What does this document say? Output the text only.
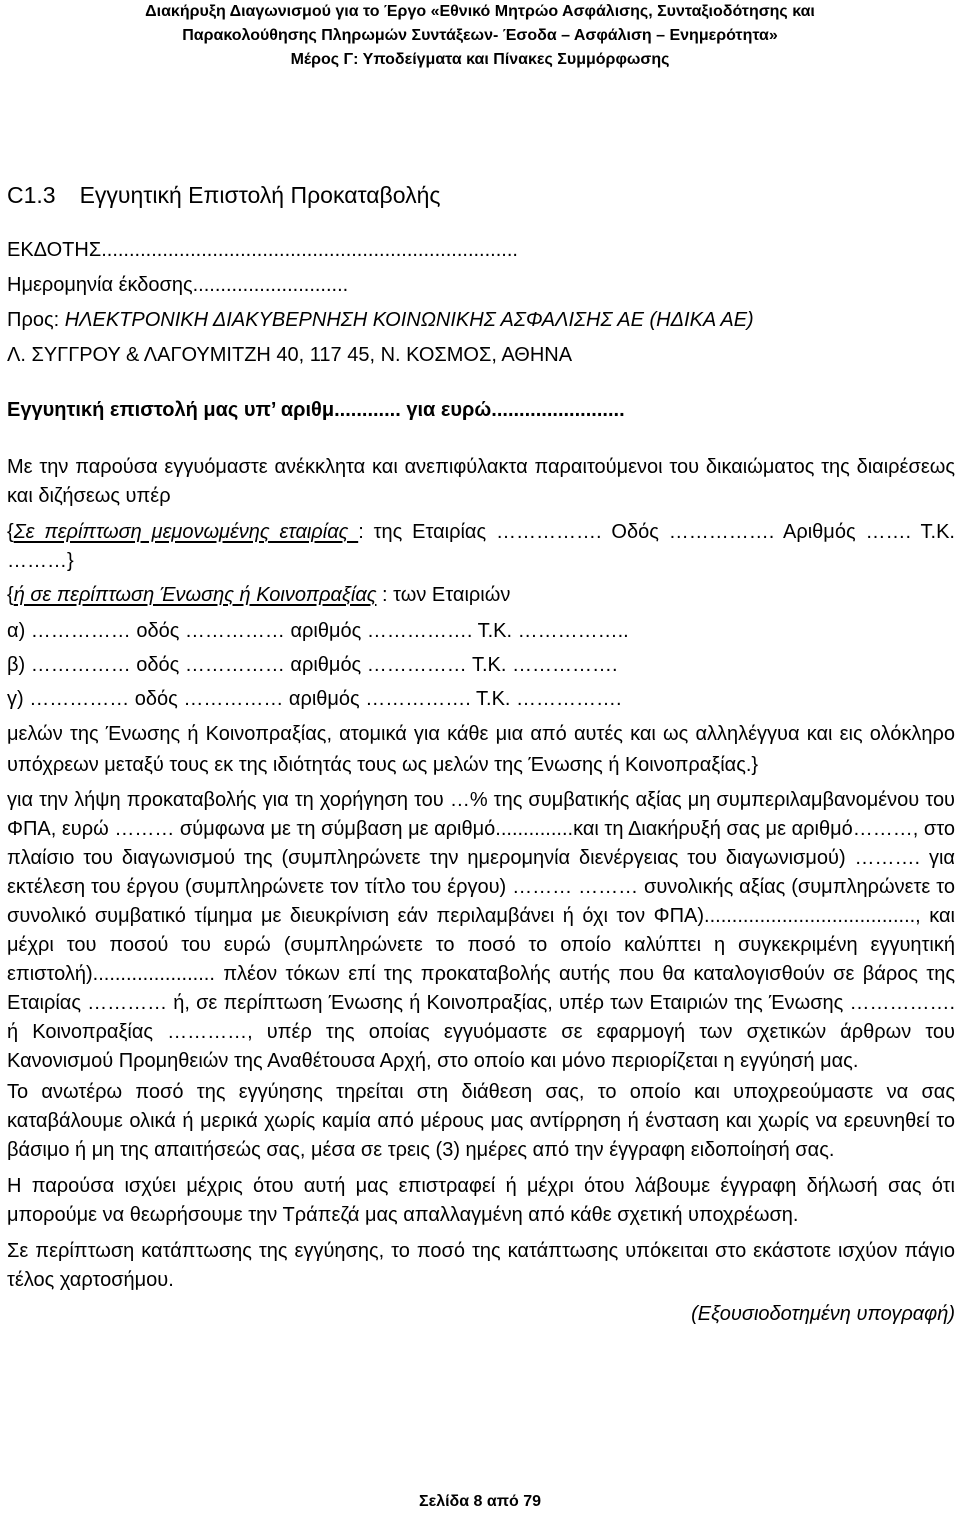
Διακήρυξη Διαγωνισμού για το Έργο «Εθνικό Μητρώο Ασφάλισης, Συνταξιοδότησης και
Παρακολούθησης Πληρωμών Συντάξεων- Έσοδα – Ασφάλιση – Ενημερότητα»
Μέρος Γ: Υποδείγματα και Πίνακες Συμμόρφωσης
C1.3 Εγγυητική Επιστολή Προκαταβολής
ΕΚΔΟΤΗΣ...........................................................................
Ημερομηνία έκδοσης............................
Προς: ΗΛΕΚΤΡΟΝΙΚΗ ΔΙΑΚΥΒΕΡΝΗΣΗ ΚΟΙΝΩΝΙΚΗΣ ΑΣΦΑΛΙΣΗΣ ΑΕ (ΗΔΙΚΑ ΑΕ)
Λ. ΣΥΓΓΡΟΥ & ΛΑΓΟΥΜΙΤΖΗ 40, 117 45, Ν. ΚΟΣΜΟΣ, ΑΘΗΝΑ
Εγγυητική επιστολή μας υπ’ αριθμ............ για ευρώ........................

Με την παρούσα εγγυόμαστε ανέκκλητα και ανεπιφύλακτα παραιτούμενοι του δικαιώματος της διαιρέσεως και διζήσεως υπέρ

{Σε περίπτωση μεμονωμένης εταιρίας : της Εταιρίας ……………. Οδός ……………. Αριθμός ……. Τ.Κ. ………}

{ή σε περίπτωση Ένωσης ή Κοινοπραξίας : των Εταιριών

α) …………… οδός …………… αριθμός ……………. Τ.Κ. ……………..
β) …………… οδός …………… αριθμός …………… Τ.Κ. …………….
γ) …………… οδός …………… αριθμός ……………. Τ.Κ. …………….

μελών της Ένωσης ή Κοινοπραξίας, ατομικά για κάθε μια από αυτές και ως αλληλέγγυα και εις ολόκληρο υπόχρεων μεταξύ τους εκ της ιδιότητάς τους ως μελών της Ένωσης ή Κοινοπραξίας.}

για την λήψη προκαταβολής για τη χορήγηση του …% της συμβατικής αξίας μη συμπεριλαμβανομένου του ΦΠΑ, ευρώ ……… σύμφωνα με τη σύμβαση με αριθμό..............και τη Διακήρυξή σας με αριθμό………, στο πλαίσιο του διαγωνισμού της (συμπληρώνετε την ημερομηνία διενέργειας του διαγωνισμού) ………. για εκτέλεση του έργου (συμπληρώνετε τον τίτλο του έργου) ……… ……… συνολικής αξίας (συμπληρώνετε το συνολικό συμβατικό τίμημα με διευκρίνιση εάν περιλαμβάνει ή όχι τον ΦΠΑ)......................................, και μέχρι του ποσού του ευρώ (συμπληρώνετε το ποσό το οποίο καλύπτει η συγκεκριμένη εγγυητική επιστολή)...................... πλέον τόκων επί της προκαταβολής αυτής που θα καταλογισθούν σε βάρος της Εταιρίας ………… ή, σε περίπτωση Ένωσης ή Κοινοπραξίας, υπέρ των Εταιριών της Ένωσης ……………. ή Κοινοπραξίας …………, υπέρ της οποίας εγγυόμαστε σε εφαρμογή των σχετικών άρθρων του Κανονισμού Προμηθειών της Αναθέτουσα Αρχή, στο οποίο και μόνο περιορίζεται η εγγύησή μας.

Το ανωτέρω ποσό της εγγύησης τηρείται στη διάθεση σας, το οποίο και υποχρεούμαστε να σας καταβάλουμε ολικά ή μερικά χωρίς καμία από μέρους μας αντίρρηση ή ένσταση και χωρίς να ερευνηθεί το βάσιμο ή μη της απαιτήσεώς σας, μέσα σε τρεις (3) ημέρες από την έγγραφη ειδοποίησή σας.

Η παρούσα ισχύει μέχρις ότου αυτή μας επιστραφεί ή μέχρι ότου λάβουμε έγγραφη δήλωσή σας ότι μπορούμε να θεωρήσουμε την Τράπεζά μας απαλλαγμένη από κάθε σχετική υποχρέωση.

Σε περίπτωση κατάπτωσης της εγγύησης, το ποσό της κατάπτωσης υπόκειται στο εκάστοτε ισχύον πάγιο τέλος χαρτοσήμου.

(Εξουσιοδοτημένη υπογραφή)
Σελίδα 8 από 79
